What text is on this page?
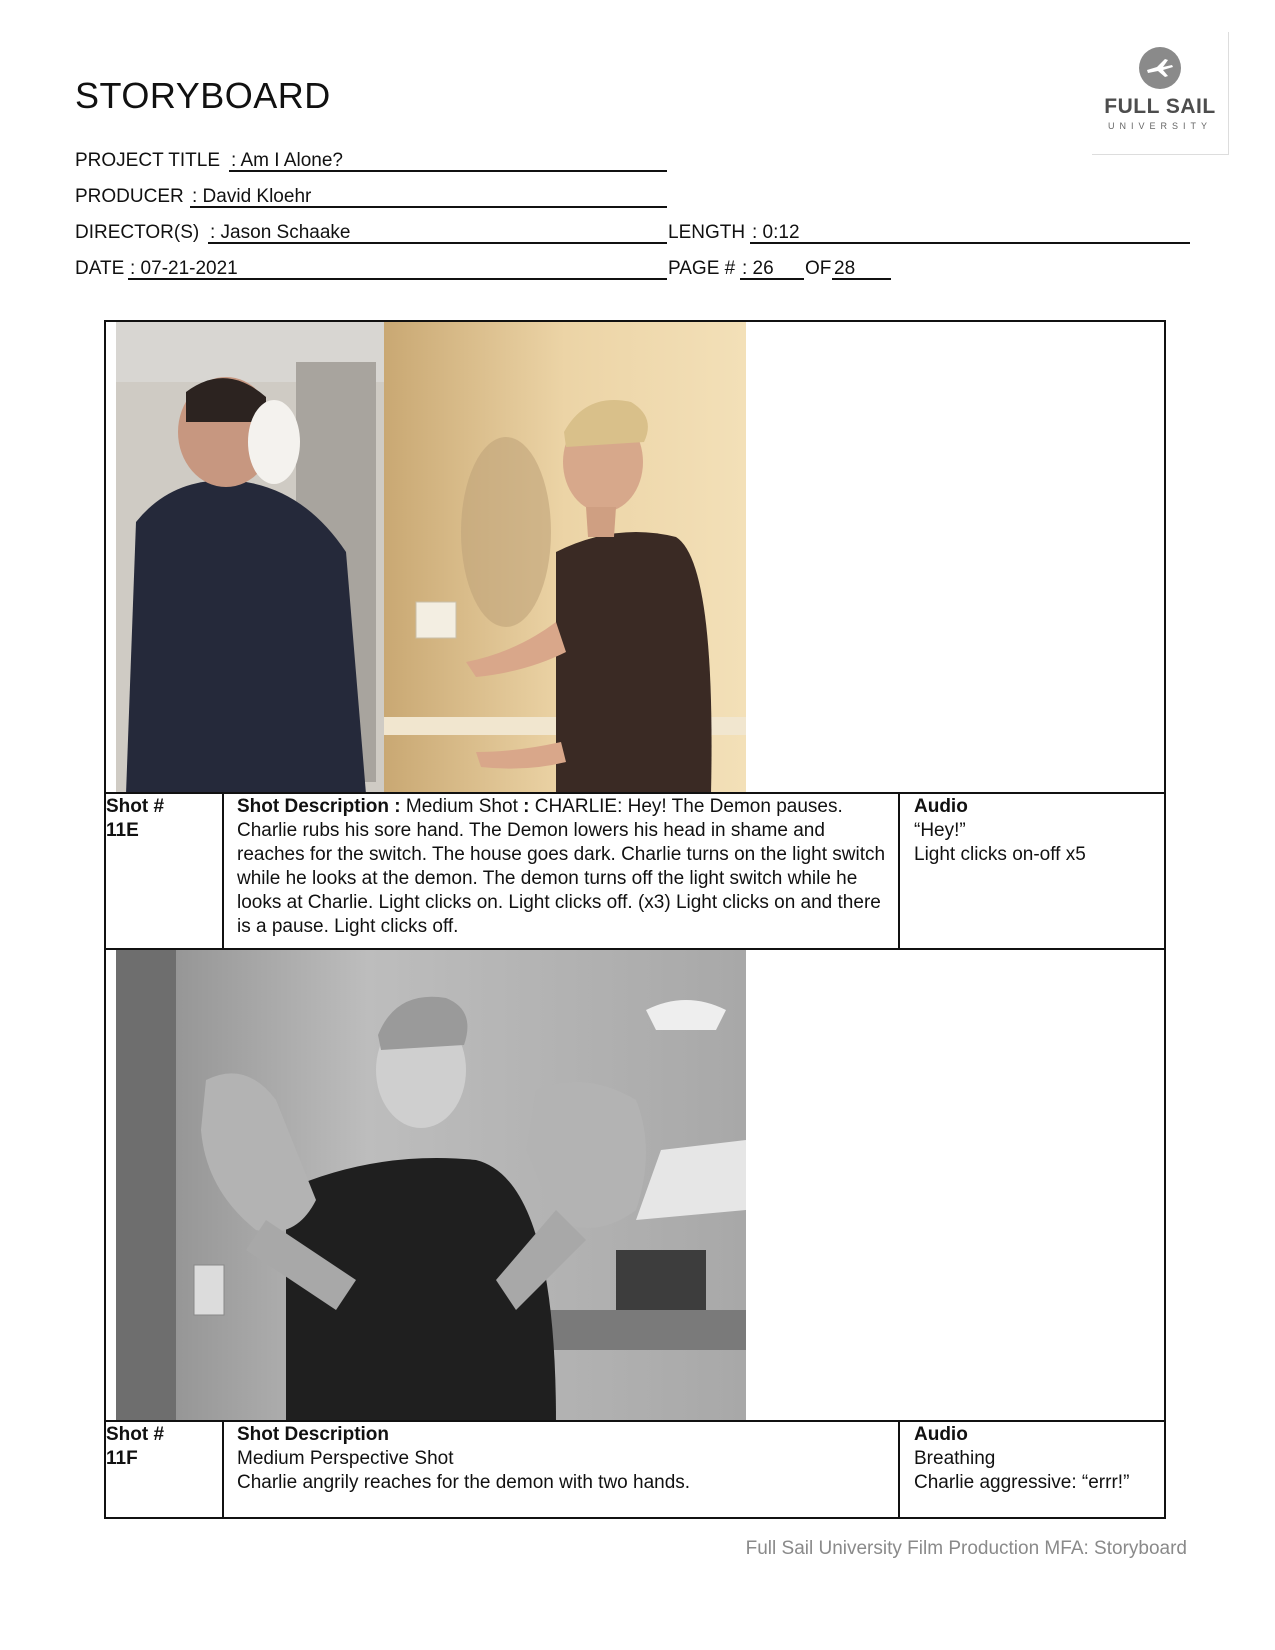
STORYBOARD	FULL SAIL
UNIVERSITY
PROJECT TITLE : Am I Alone?
PRODUCER : David Kloehr
DIRECTOR(S) : Jason Schaake	LENGTH : 0:12
DATE : 07-21-2021	PAGE # : 26	OF 28
Shot #
11E

Shot Description : Medium Shot : CHARLIE: Hey! The Demon pauses. Charlie rubs his sore hand. The Demon lowers his head in shame and reaches for the switch. The house goes dark. Charlie turns on the light switch while he looks at the demon. The demon turns off the light switch while he looks at Charlie. Light clicks on. Light clicks off. (x3) Light clicks on and there is a pause. Light clicks off.

Audio
“Hey!”
Light clicks on-off x5
Shot #
11F
Shot Description
Medium Perspective Shot
Charlie angrily reaches for the demon with two hands.
Audio
Breathing
Charlie aggressive: “errr!”
Full Sail University Film Production MFA: Storyboard
